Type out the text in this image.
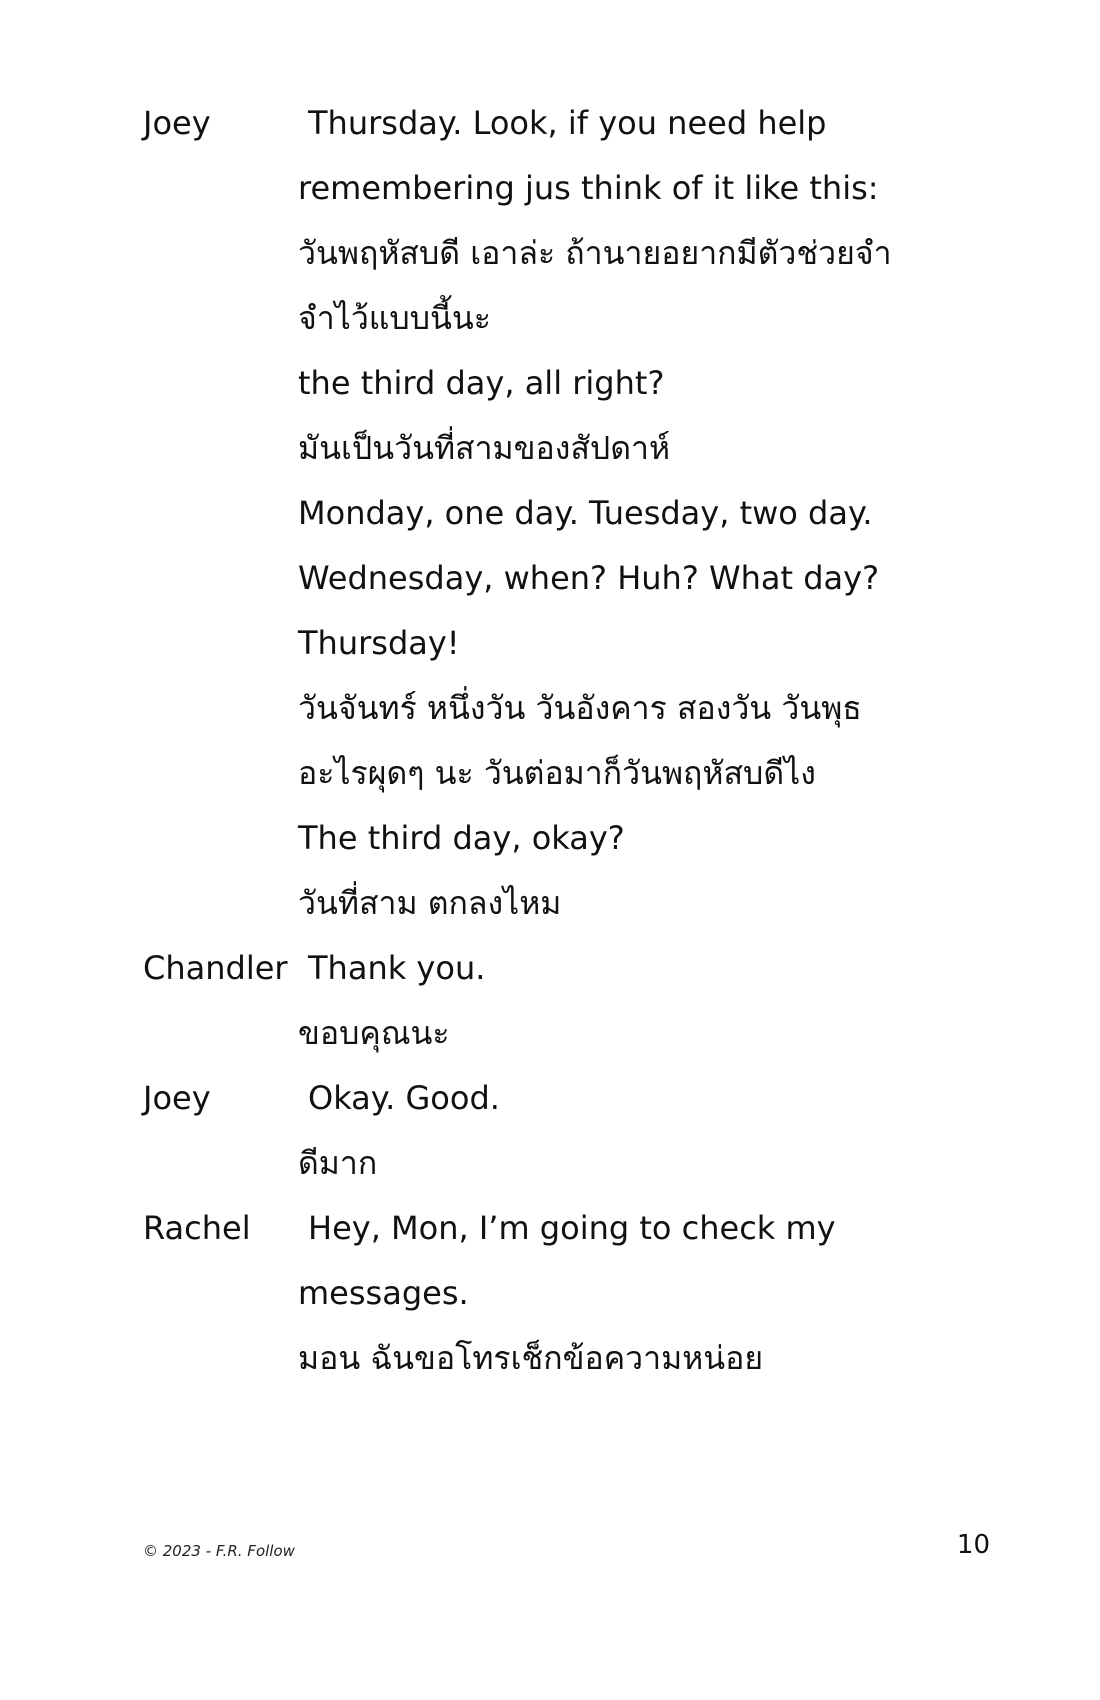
Joey	Thursday. Look, if you need help
remembering jus think of it like this:
วันพฤหัสบดี เอาล่ะ ถ้านายอยากมีตัวช่วยจำ
จำไว้แบบนี้นะ
the third day, all right?
มันเป็นวันที่สามของสัปดาห์
Monday, one day. Tuesday, two day.
Wednesday, when? Huh? What day?
Thursday!
วันจันทร์ หนึ่งวัน วันอังคาร สองวัน วันพุธ
อะไรผุดๆ นะ วันต่อมาก็วันพฤหัสบดีไง
The third day, okay?
วันที่สาม ตกลงไหม
Chandler Thank you.
ขอบคุณนะ
Joey	Okay. Good.
ดีมาก
Rachel Hey, Mon, I’m going to check my
messages.
มอน ฉันขอโทรเช็กข้อความหน่อย
© 2023 - F.R. Follow	10
